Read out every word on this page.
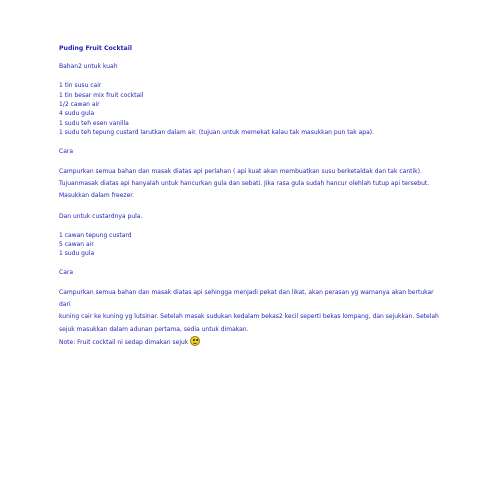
Puding Fruit Cocktail

Bahan2 untuk kuah

1 tin susu cair

1 tin besar mix fruit cocktail

1/2 cawan air

4 sudu gula

1 sudu teh esen vanilla

1 sudu teh tepung custard larutkan dalam air. (tujuan untuk memekat kalau tak masukkan pun tak apa).

Cara

Campurkan semua bahan dan masak diatas api perlahan ( api kuat akan membuatkan susu berketaldak dan tak cantik).

Tujuanmasak diatas api hanyalah untuk hancurkan gula dan sebati. Jika rasa gula sudah hancur olehlah tutup api tersebut.

Masukkan dalam freezer.

Dan untuk custardnya pula.

1 cawan tepung custard

5 cawan air

1 sudu gula

Cara

Campurkan semua bahan dan masak diatas api sehingga menjadi pekat dan likat, akan perasan yg warnanya akan bertukar dari

kuning cair ke kuning yg lutsinar. Setelah masak sudukan kedalam bekas2 kecil seperti bekas lompang, dan sejukkan. Setelah

sejuk masukkan dalam adunan pertama, sedia untuk dimakan.

Note: Fruit cocktail ni sedap dimakan sejuk
